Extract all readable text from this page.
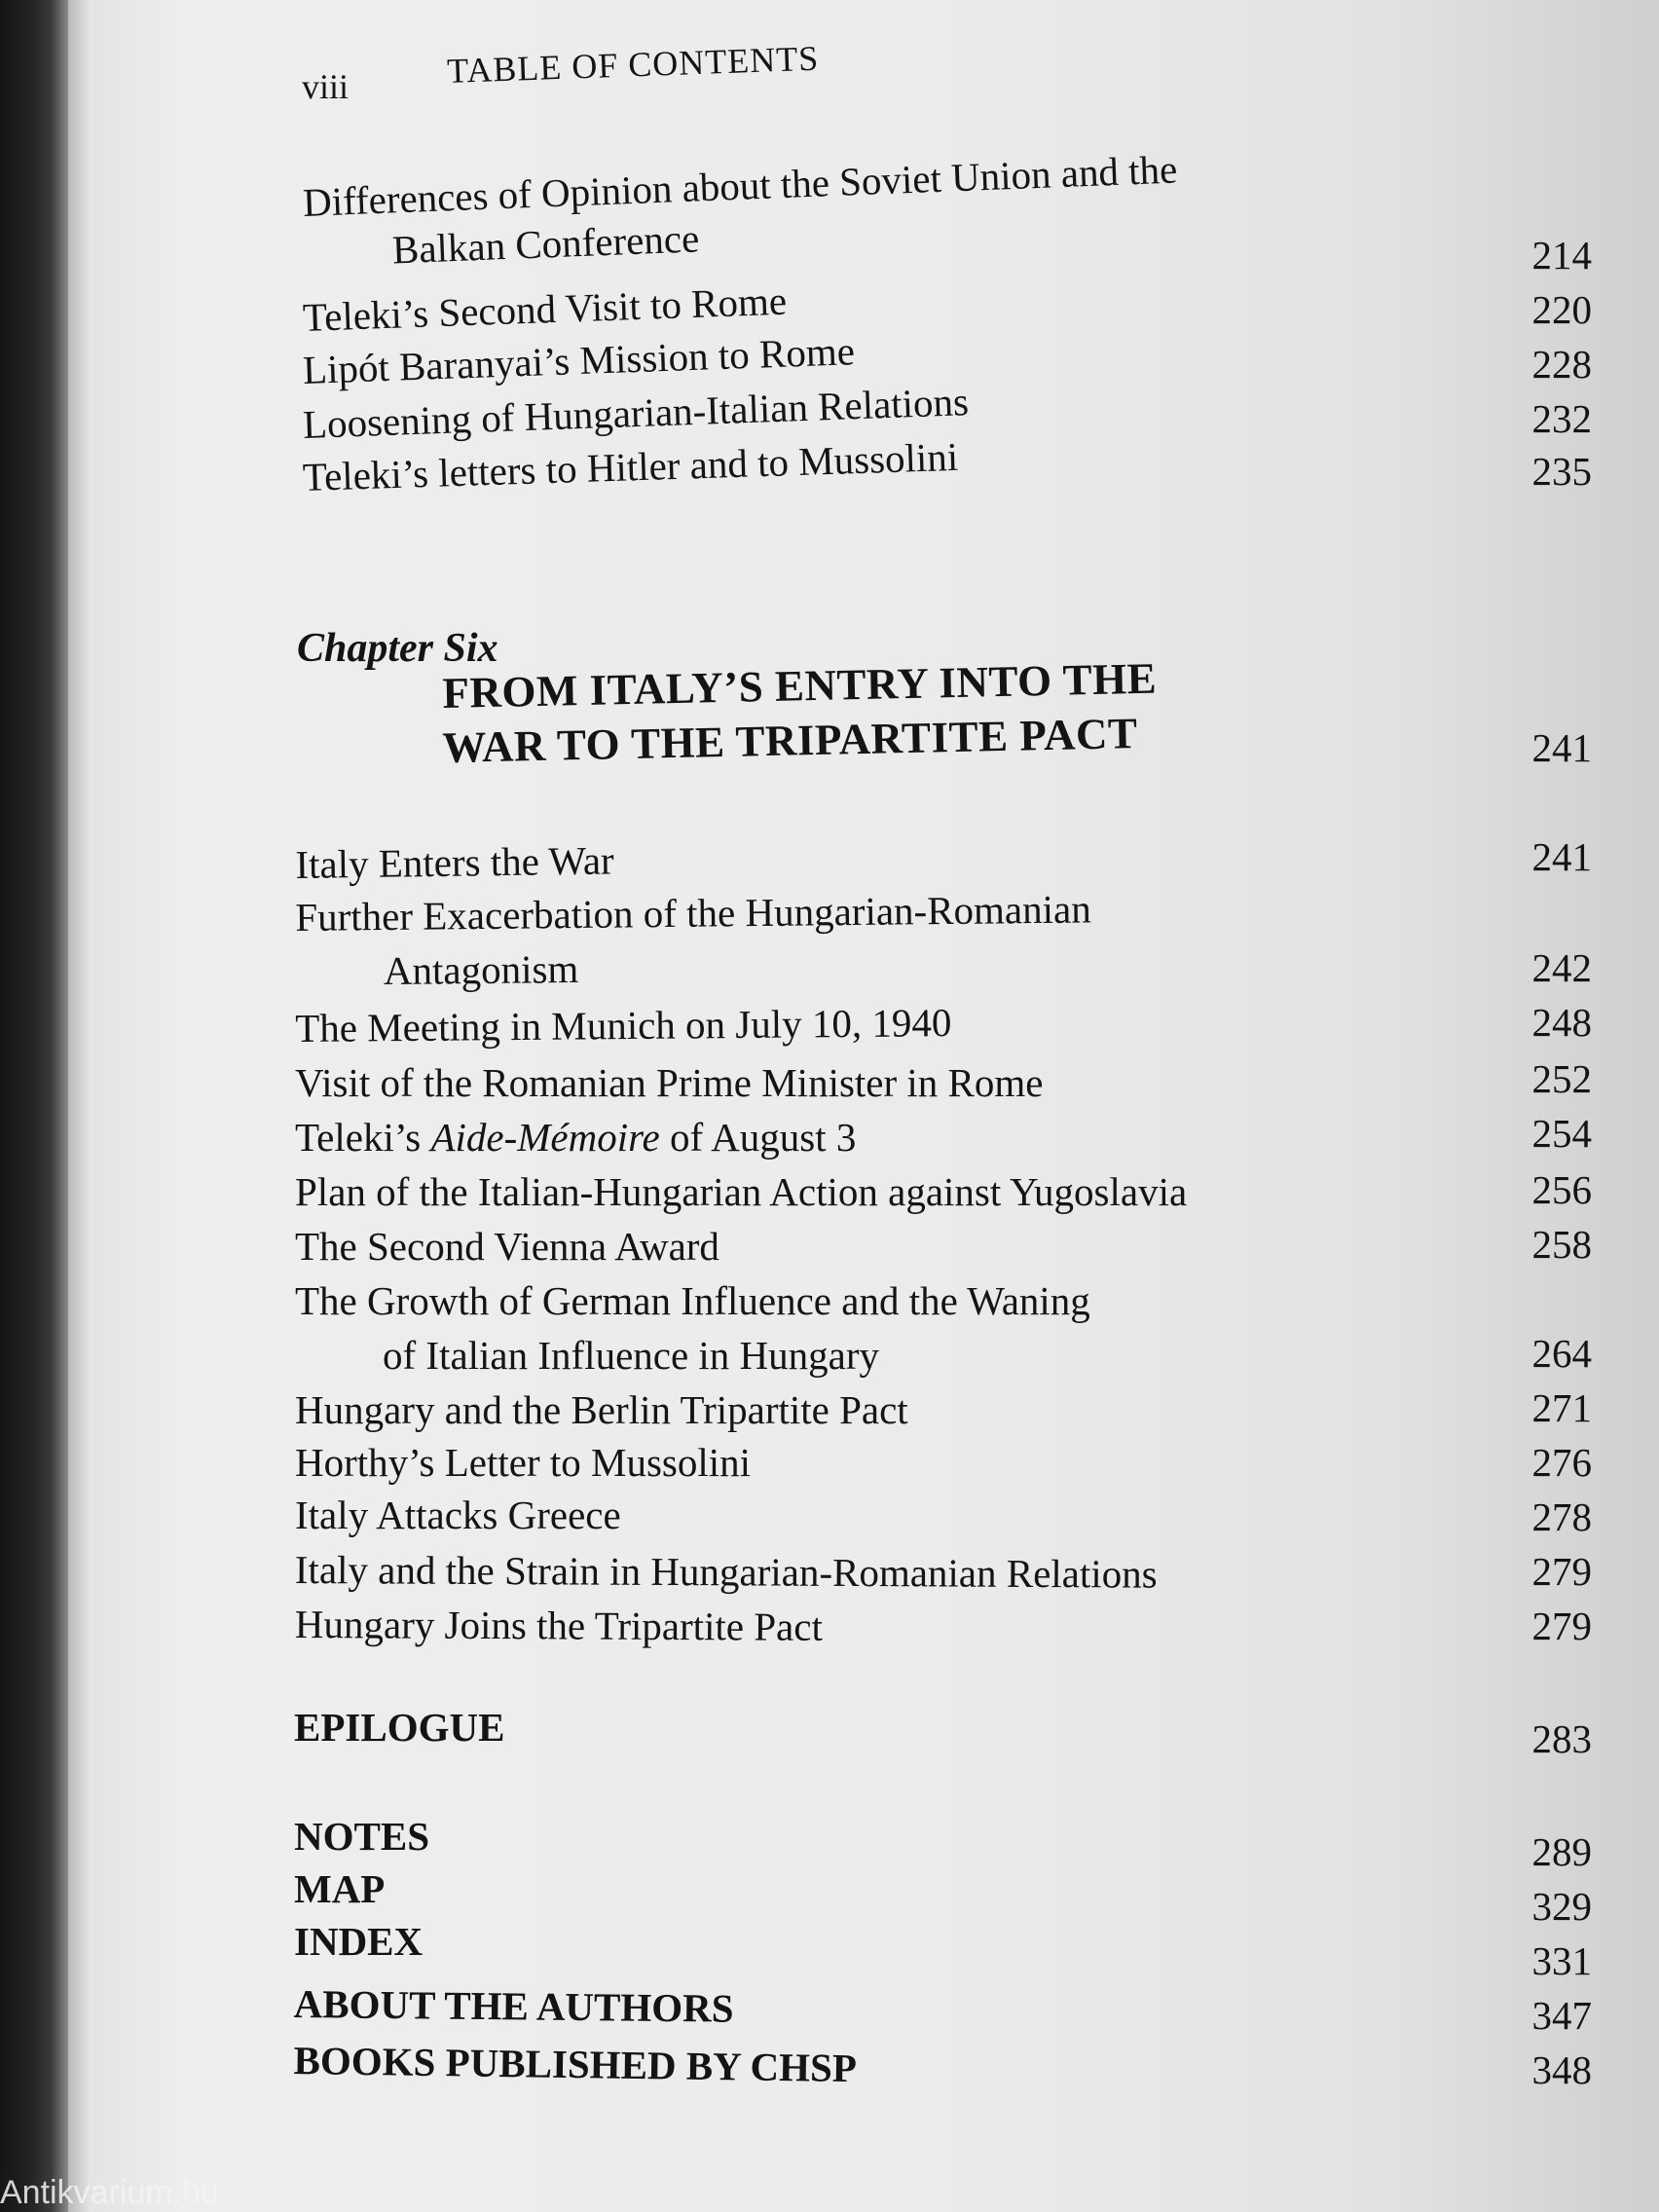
viii	TABLE OF CONTENTS
Differences of Opinion about the Soviet Union and the
Balkan Conference	214
Teleki’s Second Visit to Rome	220
Lipót Baranyai’s Mission to Rome	228
Loosening of Hungarian-Italian Relations	232
Teleki’s letters to Hitler and to Mussolini	235
Chapter Six
FROM ITALY’S ENTRY INTO THE
WAR TO THE TRIPARTITE PACT	241
Italy Enters the War	241
Further Exacerbation of the Hungarian-Romanian
Antagonism	242
The Meeting in Munich on July 10, 1940	248
Visit of the Romanian Prime Minister in Rome	252
Teleki’s Aide-Mémoire of August 3	254
Plan of the Italian-Hungarian Action against Yugoslavia	256
The Second Vienna Award	258
The Growth of German Influence and the Waning
of Italian Influence in Hungary	264
Hungary and the Berlin Tripartite Pact	271
Horthy’s Letter to Mussolini	276
Italy Attacks Greece	278
Italy and the Strain in Hungarian-Romanian Relations	279
Hungary Joins the Tripartite Pact	279
EPILOGUE	283
NOTES	289
MAP	329
INDEX	331
ABOUT THE AUTHORS	347
BOOKS PUBLISHED BY CHSP	348
Antikvarium.hu
